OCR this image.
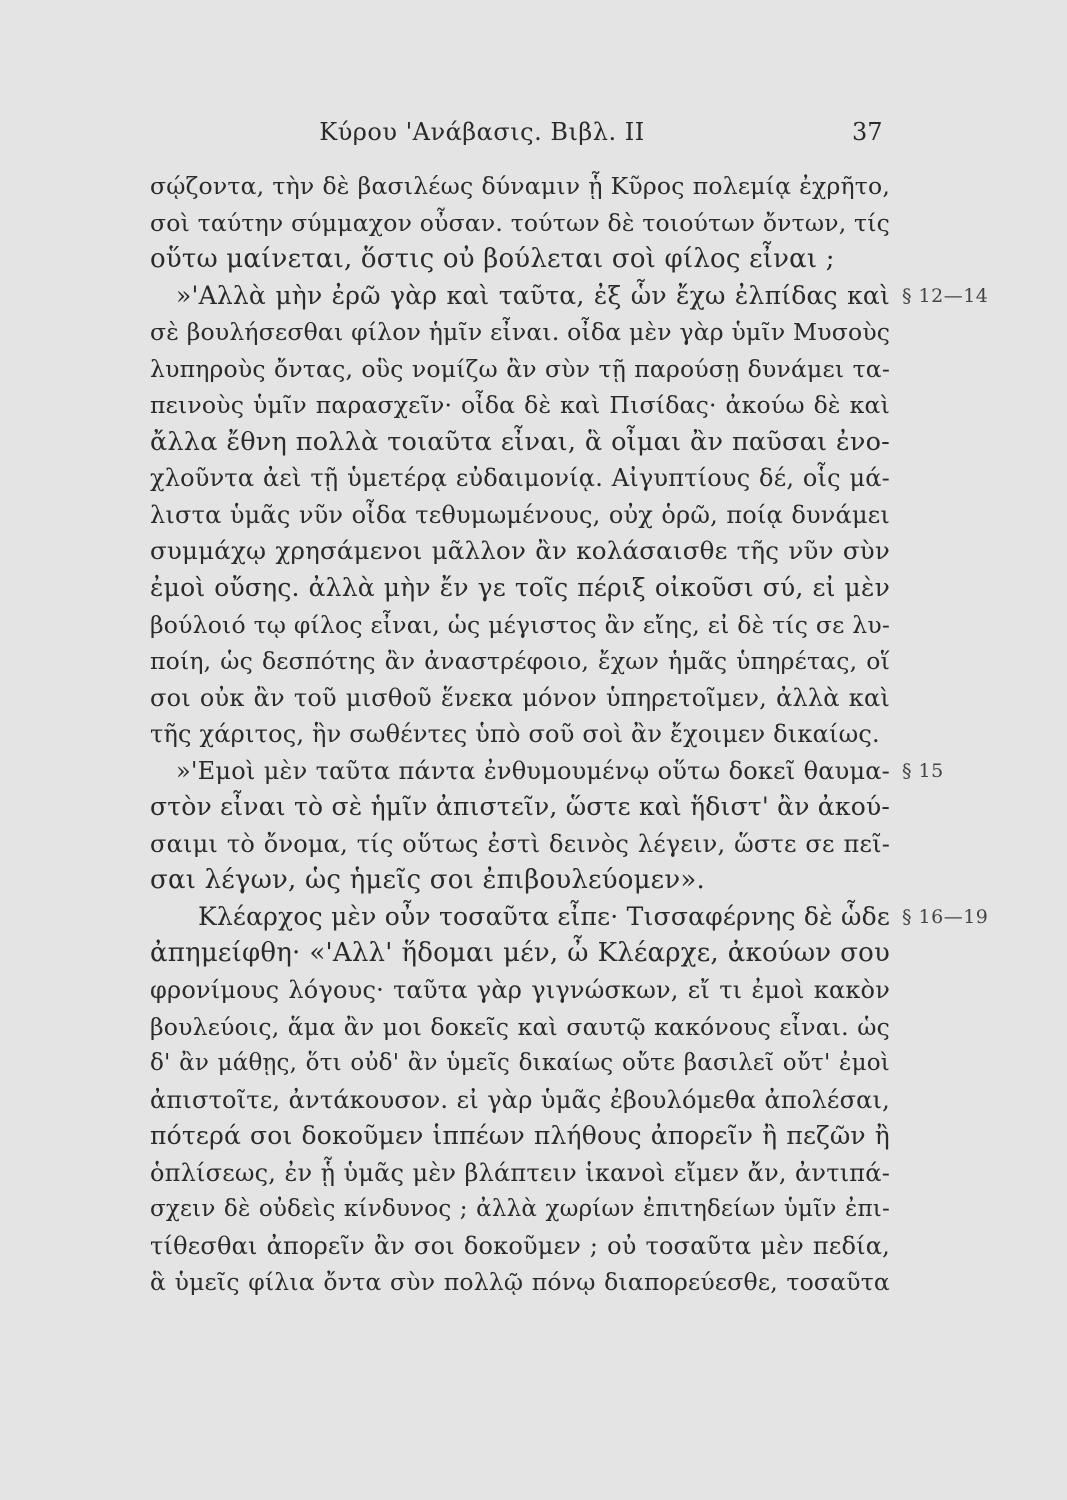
Κύρου 'Ανάβασις. Βιβλ. ΙΙ	37
σῴζοντα, τὴν δὲ βασιλέως δύναμιν ᾗ Κῦρος πολεμίᾳ ἐχρῆτο,
σοὶ ταύτην σύμμαχον οὖσαν. τούτων δὲ τοιούτων ὄντων, τίς
οὕτω μαίνεται, ὅστις οὐ βούλεται σοὶ φίλος εἶναι ;
»'Αλλὰ μὴν ἐρῶ γὰρ καὶ ταῦτα, ἐξ ὧν ἔχω ἐλπίδας καὶ § 12—14
σὲ βουλήσεσθαι φίλον ἡμῖν εἶναι. οἶδα μὲν γὰρ ὑμῖν Μυσοὺς
λυπηροὺς ὄντας, οὓς νομίζω ἂν σὺν τῇ παρούσῃ δυνάμει τα-
πεινοὺς ὑμῖν παρασχεῖν· οἶδα δὲ καὶ Πισίδας· ἀκούω δὲ καὶ
ἄλλα ἔθνη πολλὰ τοιαῦτα εἶναι, ἃ οἶμαι ἂν παῦσαι ἐνο-
χλοῦντα ἀεὶ τῇ ὑμετέρᾳ εὐδαιμονίᾳ. Αἰγυπτίους δέ, οἷς μά-
λιστα ὑμᾶς νῦν οἶδα τεθυμωμένους, οὐχ ὁρῶ, ποίᾳ δυνάμει
συμμάχῳ χρησάμενοι μᾶλλον ἂν κολάσαισθε τῆς νῦν σὺν
ἐμοὶ οὔσης. ἀλλὰ μὴν ἔν γε τοῖς πέριξ οἰκοῦσι σύ, εἰ μὲν
βούλοιό τῳ φίλος εἶναι, ὡς μέγιστος ἂν εἴης, εἰ δὲ τίς σε λυ-
ποίη, ὡς δεσπότης ἂν ἀναστρέφοιο, ἔχων ἡμᾶς ὑπηρέτας, οἵ
σοι οὐκ ἂν τοῦ μισθοῦ ἕνεκα μόνον ὑπηρετοῖμεν, ἀλλὰ καὶ
τῆς χάριτος, ἣν σωθέντες ὑπὸ σοῦ σοὶ ἂν ἔχοιμεν δικαίως.
»'Εμοὶ μὲν ταῦτα πάντα ἐνθυμουμένῳ οὕτω δοκεῖ θαυμα- § 15
στὸν εἶναι τὸ σὲ ἡμῖν ἀπιστεῖν, ὥστε καὶ ἥδιστ' ἂν ἀκού-
σαιμι τὸ ὄνομα, τίς οὕτως ἐστὶ δεινὸς λέγειν, ὥστε σε πεῖ-
σαι λέγων, ὡς ἡμεῖς σοι ἐπιβουλεύομεν».
Κλέαρχος μὲν οὖν τοσαῦτα εἶπε· Τισσαφέρνης δὲ ὧδε § 16—19
ἀπημείφθη· «'Αλλ' ἥδομαι μέν, ὦ Κλέαρχε, ἀκούων σου
φρονίμους λόγους· ταῦτα γὰρ γιγνώσκων, εἴ τι ἐμοὶ κακὸν
βουλεύοις, ἅμα ἂν μοι δοκεῖς καὶ σαυτῷ κακόνους εἶναι. ὡς
δ' ἂν μάθῃς, ὅτι οὐδ' ἂν ὑμεῖς δικαίως οὔτε βασιλεῖ οὔτ' ἐμοὶ
ἀπιστοῖτε, ἀντάκουσον. εἰ γὰρ ὑμᾶς ἐβουλόμεθα ἀπολέσαι,
πότερά σοι δοκοῦμεν ἱππέων πλήθους ἀπορεῖν ἢ πεζῶν ἢ
ὁπλίσεως, ἐν ᾗ ὑμᾶς μὲν βλάπτειν ἱκανοὶ εἴμεν ἄν, ἀντιπά-
σχειν δὲ οὐδεὶς κίνδυνος ; ἀλλὰ χωρίων ἐπιτηδείων ὑμῖν ἐπι-
τίθεσθαι ἀπορεῖν ἂν σοι δοκοῦμεν ; οὐ τοσαῦτα μὲν πεδία,
ἃ ὑμεῖς φίλια ὄντα σὺν πολλῷ πόνῳ διαπορεύεσθε, τοσαῦτα
